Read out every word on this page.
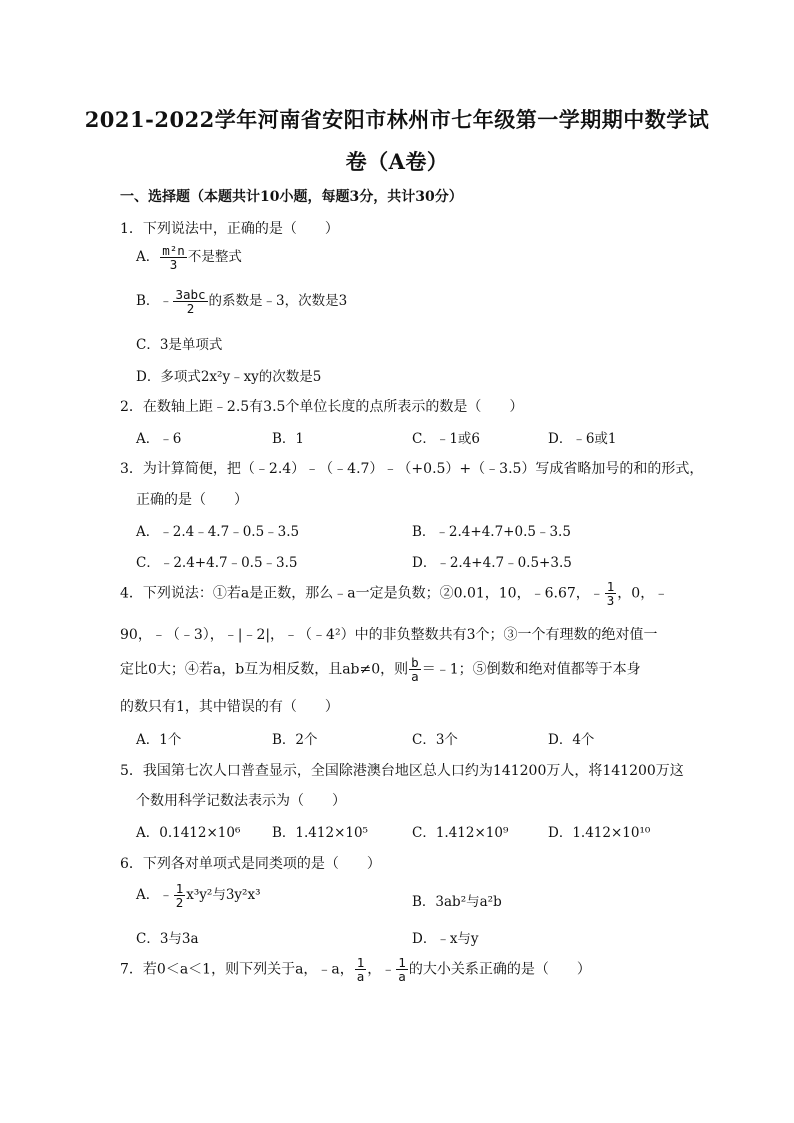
2021-2022学年河南省安阳市林州市七年级第一学期期中数学试
卷（A卷）
一、选择题（本题共计10小题，每题3分，共计30分）
1．下列说法中，正确的是（　　）
A． $\frac{\text{m²n}}{3}$ 不是整式
B．﹣ $\frac{\text{3abc}}{2}$ 的系数是﹣3，次数是3
C．3是单项式
D．多项式2x²y﹣xy的次数是5
2．在数轴上距﹣2.5有3.5个单位长度的点所表示的数是（　　）
A．﹣6	B．1	C．﹣1或6	D．﹣6或1
3．为计算简便，把（﹣2.4）﹣（﹣4.7）﹣（+0.5）+（﹣3.5）写成省略加号的和的形式，
正确的是（　　）
A．﹣2.4﹣4.7﹣0.5﹣3.5	B．﹣2.4+4.7+0.5﹣3.5
C．﹣2.4+4.7﹣0.5﹣3.5	D．﹣2.4+4.7﹣0.5+3.5
4．下列说法：①若a是正数，那么﹣a一定是负数；②0.01，10，﹣6.67，﹣ $\frac{1}{3}$ ，0，﹣
90，﹣（﹣3），﹣|﹣2|，﹣（﹣4²）中的非负整数共有3个；③一个有理数的绝对值一
定比0大；④若a，b互为相反数，且ab≠0，则 $\frac{b}{a}$ ＝﹣1；⑤倒数和绝对值都等于本身
的数只有1，其中错误的有（　　）
A．1个	B．2个	C．3个	D．4个
5．我国第七次人口普查显示，全国除港澳台地区总人口约为141200万人，将141200万这
个数用科学记数法表示为（　　）
A．0.1412×10⁶ B．1.412×10⁵	C．1.412×10⁹	D．1.412×10¹⁰
6．下列各对单项式是同类项的是（　　）
A．﹣ $\frac{1}{2} x^3y^2$与3y²x³	B．3ab²与a²b
C．3与3a	D．﹣x与y
7．若0＜a＜1，则下列关于a，﹣a， $\frac{1}{a}$ ，﹣ $\frac{1}{a}$ 的大小关系正确的是（　　）
